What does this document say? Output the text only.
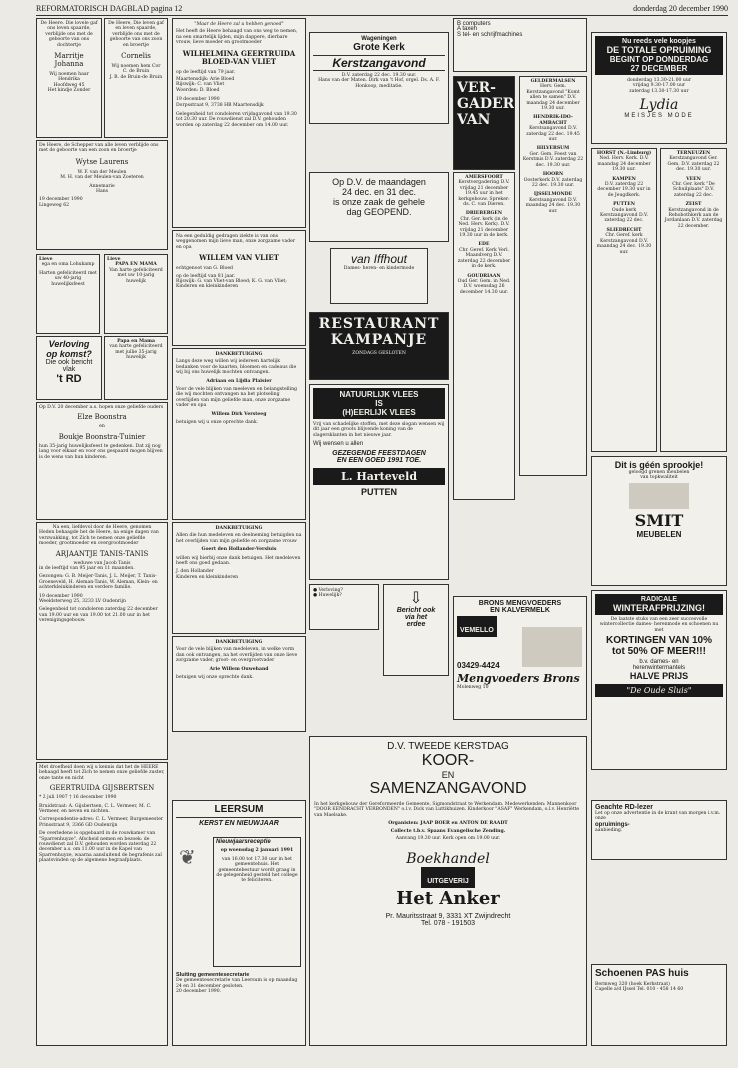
REFORMATORISCH DAGBLAD pagina 12	donderdag 20 december 1990

De Heere. Die lovele gaf ons leven spaarde, verblijde ons met de geboorte van ons dochtertje

Marritje Johanna

Wij noemen haar Hendrika
Hoofdweg 45
Het kindje Zonder

De Heere, Die leven gaf en leven spaarde, verblijde ons met de geboorte van ons zoon en broertje

Cornelis

Wij noemen hem Cor
C. de Bruin
J. B. de Bruin-de Bruin

De Heere, de Schepper van alle leven verblijde ons met de geboorte van een zoon en broertje

Wytse Laurens

W. F. van der Meulen
M. H. van der Meulen-van Zoeteren

Annemarie
Hans

19 december 1990
Lingeweg 62

Lieve

ega en oma Lohukamp

Harten gefeliciteerd met uw 40-jarig huwelijksfeest

Lieve

PAPA EN MAMA

Van harte gefeliciteerd met uw 10-jarig huwelijk

Verloving

op komst?

Die ook bericht

vlak

't RD

Papa en Mama

van harte gefeliciteerd met jullie 35-jarig huwelijk

Op D.V. 20 december a.s. hopen onze geliefde ouders

Elze Boonstra

en

Boukje Boonstra-Tuinier

hun 35-jarig huwelijksfeest te gedenken. Dat zij nog lang voor elkaar en voor ons gespaard mogen blijven is de wens van hun kinderen.

Na een, liefdevol door de Heere, genomen

Heden behaagde het de Heere, na enige dagen van verzwakking, tot Zich te nemen onze geliefde moeder, grootmoeder en overgrootmoeder

ARJAANTJE TANIS-TANIS

weduwe van Jacob Tanis

in de leeftijd van 95 jaar en 11 maanden.

Gezongen: G. B. Meijer-Tanis, J. L. Meijer, T. Tanis-Groeneveld, H. Aleman-Tanis, W. Aleman, Klein- en achterkleinkinderen en verdere familie.

19 december 1990
Weeldsterweg 25, 3233 LV Oudenrijn

Gelegenheid tot condoleren zaterdag 22 december van 19.00 uur en van 19.00 tot 21.00 uur in het verenigingsgebouw.

Met droefheid doen wij u kennis dat het de HEERE behaagd heeft tot Zich te nemen onze geliefde zuster, onze tante en nicht

GEERTRUIDA GIJSBERTSEN

* 2 juli 1907 † 16 december 1990

Bruidstraat: A. Gijsbertsen, C. L. Vermeer, M. C. Vermeer, en neven en nichten.

Correspondentie-adres: C. L. Vermeer, Burgemeester Prinsstraat 9, 3366 GD Oudenrijn

De overledene is opgebaard in de rouwkamer van "Sparrenhuyze". Afscheid nemen en bezoek: de rouwdienst zal D.V. gehouden worden zaterdag 22 december a.s. om 11.00 uur in de Kapel van Sparrenhuyze, waarna aansluitend de begrafenis zal plaatsvinden op de algemene begraafplaats.

"Maar de Heere zal u hebben genoed"

Het heeft de Heere behaagd van ons weg te nemen, na een smartelijk lijden, mijn dappere, dierbare vrouw, lieve moeder en grootmoeder

WILHELMINA GEERTRUIDA BLOED-VAN VLIET

op de leeftijd van 79 jaar.

Maartensdijk: Arie Bloed
Rijswijk: C. van Vliet
Woerden: D. Bloed

19 december 1990
Dorpsstraat 9, 3738 HB Maartensdijk

Gelegenheid tot condoleren vrijdagavond van 19.30 tot 20.30 uur. De rouwdienst zal D.V. gehouden worden op zaterdag 22 december om 14.00 uur.

Na een geduldig gedragen ziekte is van ons weggenomen mijn lieve man, onze zorgzame vader en opa

WILLEM VAN VLIET

echtgenoot van G. Bloed

op de leeftijd van 81 jaar.

Rijswijk: G. van Vliet-van Bloed; K. G. van Vliet; Kinderen en kleinkinderen

DANKBETUIGING

Langs deze weg willen wij iedereen hartelijk bedanken voor de kaarten, bloemen en cadeaus die wij bij ons huwelijk mochten ontvangen.

Adriaan en Lijdia Plaisier

Voor de vele blijken van meeleven en belangstelling die wij mochten ontvangen na het plotseling overlijden van mijn geliefde man, onze zorgzame vader en opa

Willem Dirk Versteeg

betuigen wij u onze oprechte dank.

DANKBETUIGING

Allen die hun medeleven en deelneming betuigden na het overlijden van mijn geliefde en zorgzame vrouw

Goert den Hollander-Versluis

willen wij hierbij onze dank betuigen. Het medeleven heeft ons goed gedaan.

J. den Hollander
Kinderen en kleinkinderen

DANKBETUIGING

Voor de vele blijken van medeleven, in welke vorm dan ook ontvangen, na het overlijden van onze lieve zorgzame vader, groot- en overgrootvader

Arie Willem Ouwehand

betuigen wij onze oprechte dank.

LEERSUM

KERST EN NIEUWJAAR

Nieuwjaarsreceptie

op woensdag 2 januari 1991

van 16.00 tot 17.30 uur in het gemeentehuis. Het gemeentebestuur wordt graag in de gelegenheid gesteld het college te feliciteren.

❦

Sluiting gemeentesecretarie

De gemeentesecretarie van Leersum is op maandag 24 en 31 december gesloten.

20 december 1990.

Wageningen

Grote Kerk

Kerstzangavond

D.V. zaterdag 22 dec. 19.30 uur.

Hans van der Maten. Dirk van 't Hof, orgel. Ds. A. F. Honkoop, meditatie.

Op D.V. de maandagen

24 dec. en 31 dec.

is onze zaak de gehele

dag GEOPEND.

van Iffhout

Dames- heren- en kindermode

RESTAURANT

KAMPANJE

ZONDAGS GESLOTEN

NATUURLIJK VLEES

IS

(H)EERLIJK VLEES

Vrij van schadelijke stoffen, met deze slogan wensen wij dit jaar een groots blijvende koning van de slagersklanten in het nieuwe jaar.

Wij wensen u allen

GEZEGENDE FEESTDAGEN

EN EEN GOED 1991 TOE.

L. Harteveld

PUTTEN

● Verloving?
● Huwelijk?	⇩

Bericht ook

via het

erdee

B computers

A taxen

S tel- en schrijfmachines

VER-GADER VAN

AMERSFOORT

Kerstvergadering D.V. vrijdag 21 december 19.45 uur in het kerkgebouw. Spreker: ds. C. van Dieren.

DRIEBERGEN

Chr. Ger. kerk (in de Ned. Herv. Kerk). D.V. vrijdag 21 december 19.30 uur in de kerk.

EDE

Chr. Geref. Kerk Verl. Maandverg D.V. zaterdag 22 december in de kerk.

GOUDRIAAN

Oud Ger. Gem. in Ned. D.V. woensdag 26 december 14.30 uur.

GELDERMALSEN

Herv. Gem. Kerstzangavond "Komt allen te samen" D.V. maandag 24 december 19.30 uur.

HENDRIK-IDO-AMBACHT

Kerstsangavond D.V. zaterdag 22 dec. 19.45 uur.

HILVERSUM

Ger. Gem. Feest van Kerstmis D.V. zaterdag 22 dec. 19.30 uur.

HOORN

Oosterkerk D.V. zaterdag 22 dec. 19.30 uur.

IJSSELMONDE

Kerstsangavond D.V. maandag 24 dec. 19.30 uur.

Nu reeds vele koopjes

DE TOTALE OPRUIMING

BEGINT OP DONDERDAG

27 DECEMBER

donderdag 13.30-21.00 uur
vrijdag 9.30-17.00 uur
zaterdag 13.30-17.30 uur

Lydia

MEISJES MODE

HORST (N.-Limburg)

Ned. Herv. Kerk. D.V. maandag 24 december 19.30 uur.

KAMPEN

D.V. zaterdag 22 december 19.30 uur in de Jeugdkerk.

PUTTEN

Oude kerk Kerstzangavond D.V. zaterdag 22 dec.

SLIEDRECHT

Chr. Geref. kerk Kerstzangavond D.V. maandag 24 dec. 19.30 uur.

TERNEUZEN

Kerstzangavond Ger. Gem. D.V. zaterdag 22 dec. 19.30 uur.

VEEN

Chr. Ger. kerk "De Schuilplaats" D.V. zaterdag 22 dec.

ZEIST

Kerstzangavond in de Rehobothkerk aan de Jordanlaan D.V. zaterdag 22 december.

Dit is géén sprookje!

geloogd grenen meubelen

van topkwaliteit

SMIT

MEUBELEN

RADICALE

WINTERAFPRIJZING!

De laatste stuks van een zeer succesvolle wintercollectie dames- herenmode en schoenen nu met

KORTINGEN VAN 10%

tot 50% OF MEER!!!

b.v. dames- en

herenwintermantels

HALVE PRIJS

"De Oude Sluis"

BRONS MENGVOEDERS

EN KALVERMELK

VEMELLO

03429-4424

Mengvoeders Brons

Molenweg 10

D.V. TWEEDE KERSTDAG

KOOR-

EN

SAMENZANGAVOND

In het kerkgebouw der Gereformeerde Gemeente, Sigmondstraat te Werkendam. Medewerkenden: Mannenkoor "DOOR EENDRACHT VERBONDEN" o.l.v. Dick van Luttikhuizen. Kinderkoor "ASAF" Werkendam, o.l.v. Henriëtte van Maelsake.

Organisten: JAAP BOER en ANTON DE RAADT

Collecte t.b.v. Spaans Evangelische Zending.

Aanvang 19.30 uur. Kerk open om 19.00 uur.

Boekhandel

UITGEVERIJ

Het Anker

Pr. Mauritsstraat 9, 3331 XT Zwijndrecht

Tel. 078 - 191503

Geachte RD-lezer

Let op onze advertentie in de krant van morgen i.v.m. onze

opruimings-

aanbieding.

Schoenen PAS huis

Bermweg 320 (hoek Kerkstraat)

Capelle a/d IJssel Tel. 010 - 458 14 60
